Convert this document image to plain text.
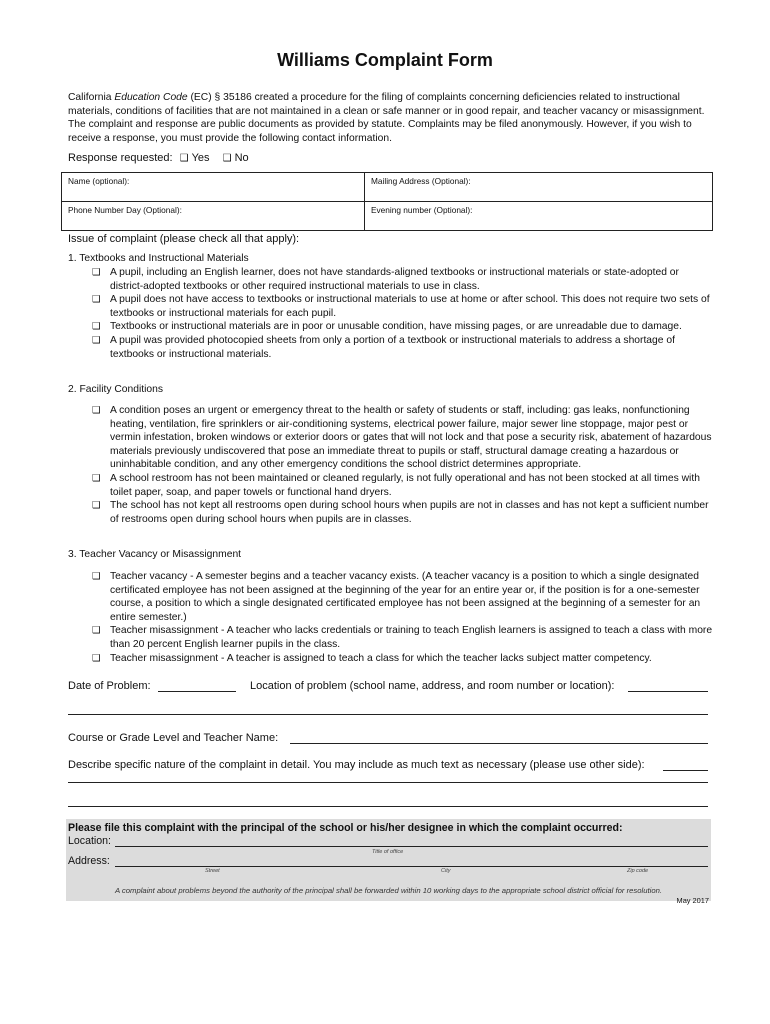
Williams Complaint Form
California Education Code (EC) § 35186 created a procedure for the filing of complaints concerning deficiencies related to instructional materials, conditions of facilities that are not maintained in a clean or safe manner or in good repair, and teacher vacancy or misassignment. The complaint and response are public documents as provided by statute. Complaints may be filed anonymously. However, if you wish to receive a response, you must provide the following contact information.
Response requested: ❑ Yes ❑ No
Name (optional):	Mailing Address (Optional):
Phone Number Day (Optional):	Evening number (Optional):
Issue of complaint (please check all that apply):
1. Textbooks and Instructional Materials
❑ A pupil, including an English learner, does not have standards-aligned textbooks or instructional materials or state-adopted or district-adopted textbooks or other required instructional materials to use in class.
❑ A pupil does not have access to textbooks or instructional materials to use at home or after school. This does not require two sets of textbooks or instructional materials for each pupil.
❑ Textbooks or instructional materials are in poor or unusable condition, have missing pages, or are unreadable due to damage.
❑ A pupil was provided photocopied sheets from only a portion of a textbook or instructional materials to address a shortage of textbooks or instructional materials.
2. Facility Conditions
❑ A condition poses an urgent or emergency threat to the health or safety of students or staff, including: gas leaks, nonfunctioning heating, ventilation, fire sprinklers or air-conditioning systems, electrical power failure, major sewer line stoppage, major pest or vermin infestation, broken windows or exterior doors or gates that will not lock and that pose a security risk, abatement of hazardous materials previously undiscovered that pose an immediate threat to pupils or staff, structural damage creating a hazardous or uninhabitable condition, and any other emergency conditions the school district determines appropriate.
❑ A school restroom has not been maintained or cleaned regularly, is not fully operational and has not been stocked at all times with toilet paper, soap, and paper towels or functional hand dryers.
❑ The school has not kept all restrooms open during school hours when pupils are not in classes and has not kept a sufficient number of restrooms open during school hours when pupils are in classes.
3. Teacher Vacancy or Misassignment
❑ Teacher vacancy - A semester begins and a teacher vacancy exists. (A teacher vacancy is a position to which a single designated certificated employee has not been assigned at the beginning of the year for an entire year or, if the position is for a one-semester course, a position to which a single designated certificated employee has not been assigned at the beginning of a semester for an entire semester.)
❑ Teacher misassignment - A teacher who lacks credentials or training to teach English learners is assigned to teach a class with more than 20 percent English learner pupils in the class.
❑ Teacher misassignment - A teacher is assigned to teach a class for which the teacher lacks subject matter competency.
Date of Problem:	Location of problem (school name, address, and room number or location):
Course or Grade Level and Teacher Name:
Describe specific nature of the complaint in detail. You may include as much text as necessary (please use other side):
Please file this complaint with the principal of the school or his/her designee in which the complaint occurred:
Location:
Title of office
Address:
Street	City	Zip code
A complaint about problems beyond the authority of the principal shall be forwarded within 10 working days to the appropriate school district official for resolution.
May 2017
